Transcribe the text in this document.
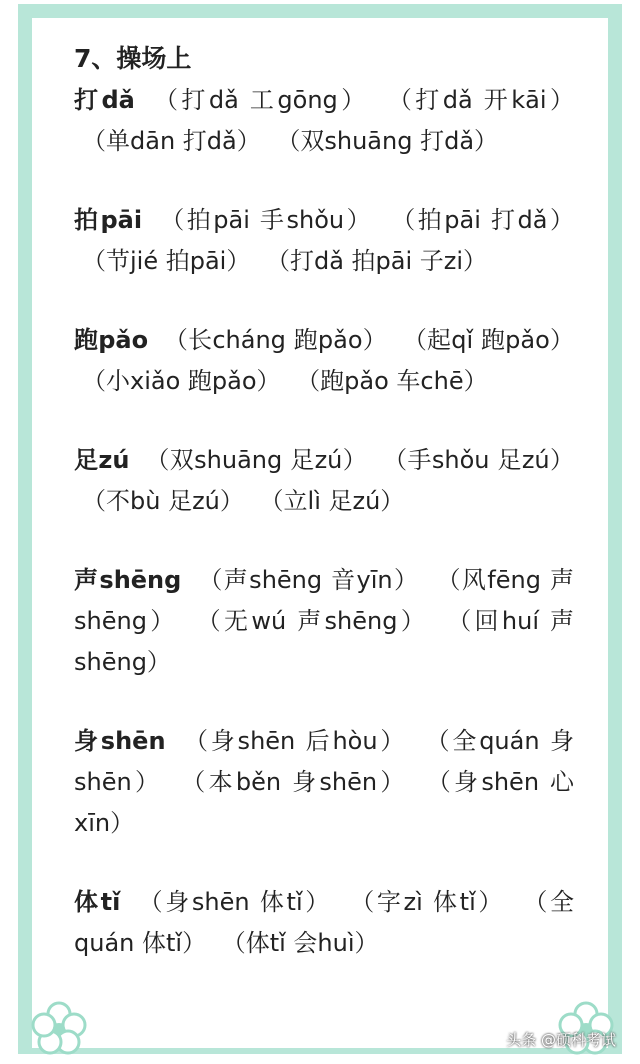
7、操场上

打dǎ （打dǎ 工gōng） （打dǎ 开kāi） （单dān 打dǎ） （双shuāng 打dǎ）

拍pāi （拍pāi 手shǒu） （拍pāi 打dǎ） （节jié 拍pāi） （打dǎ 拍pāi 子zi）

跑pǎo （长cháng 跑pǎo） （起qǐ 跑pǎo） （小xiǎo 跑pǎo） （跑pǎo 车chē）

足zú （双shuāng 足zú） （手shǒu 足zú） （不bù 足zú） （立lì 足zú）

声shēng （声shēng 音yīn） （风fēng 声shēng） （无wú 声shēng） （回huí 声shēng）

身shēn （身shēn 后hòu） （全quán 身shēn） （本běn 身shēn） （身shēn 心xīn）

体tǐ （身shēn 体tǐ） （字zì 体tǐ） （全quán 体tǐ） （体tǐ 会huì）

头条 @硕科考试
